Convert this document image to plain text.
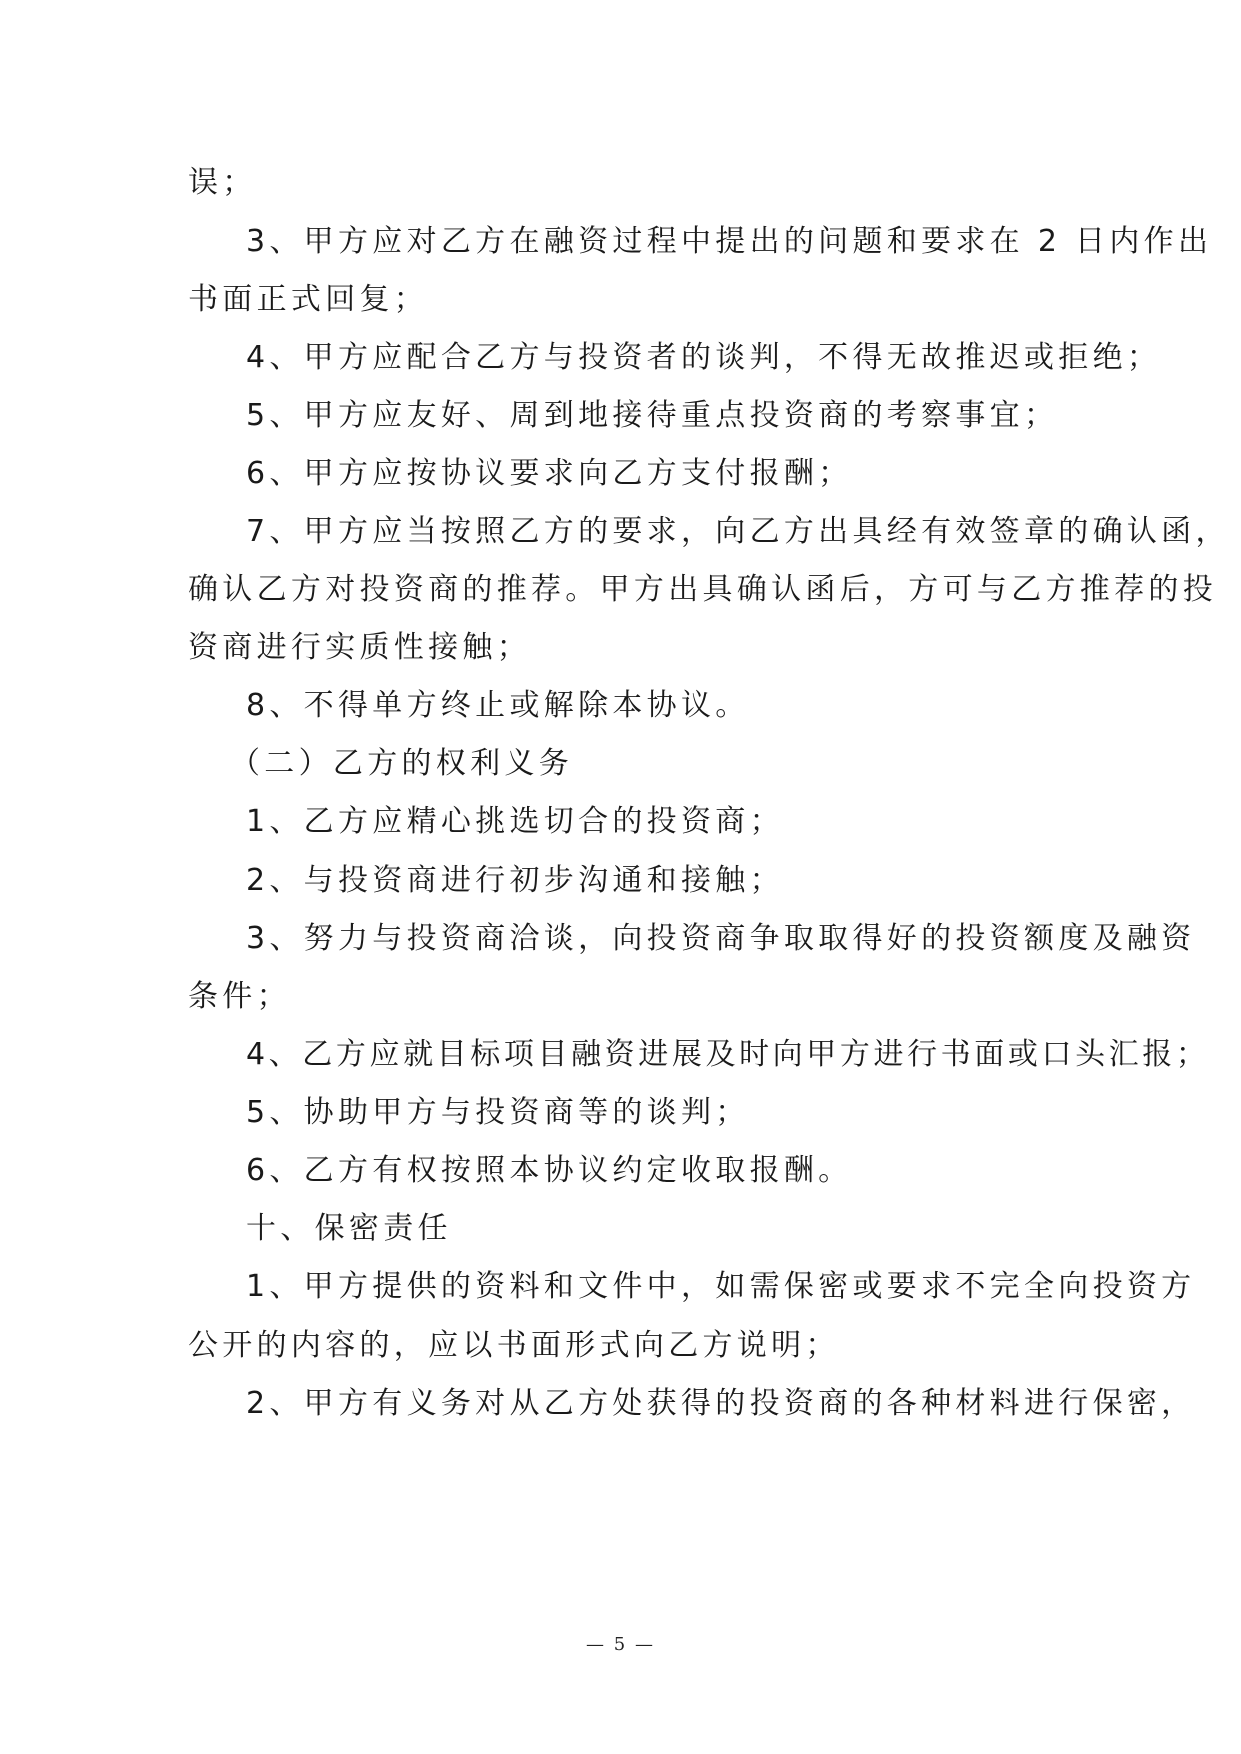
误；
3、甲方应对乙方在融资过程中提出的问题和要求在 2 日内作出
书面正式回复；
4、甲方应配合乙方与投资者的谈判，不得无故推迟或拒绝；
5、甲方应友好、周到地接待重点投资商的考察事宜；
6、甲方应按协议要求向乙方支付报酬；
7、甲方应当按照乙方的要求，向乙方出具经有效签章的确认函，
确认乙方对投资商的推荐。甲方出具确认函后，方可与乙方推荐的投
资商进行实质性接触；
8、不得单方终止或解除本协议。
（二）乙方的权利义务
1、乙方应精心挑选切合的投资商；
2、与投资商进行初步沟通和接触；
3、努力与投资商洽谈，向投资商争取取得好的投资额度及融资
条件；
4、乙方应就目标项目融资进展及时向甲方进行书面或口头汇报；
5、协助甲方与投资商等的谈判；
6、乙方有权按照本协议约定收取报酬。
十、保密责任
1、甲方提供的资料和文件中，如需保密或要求不完全向投资方
公开的内容的，应以书面形式向乙方说明；
2、甲方有义务对从乙方处获得的投资商的各种材料进行保密，
— 5 —
